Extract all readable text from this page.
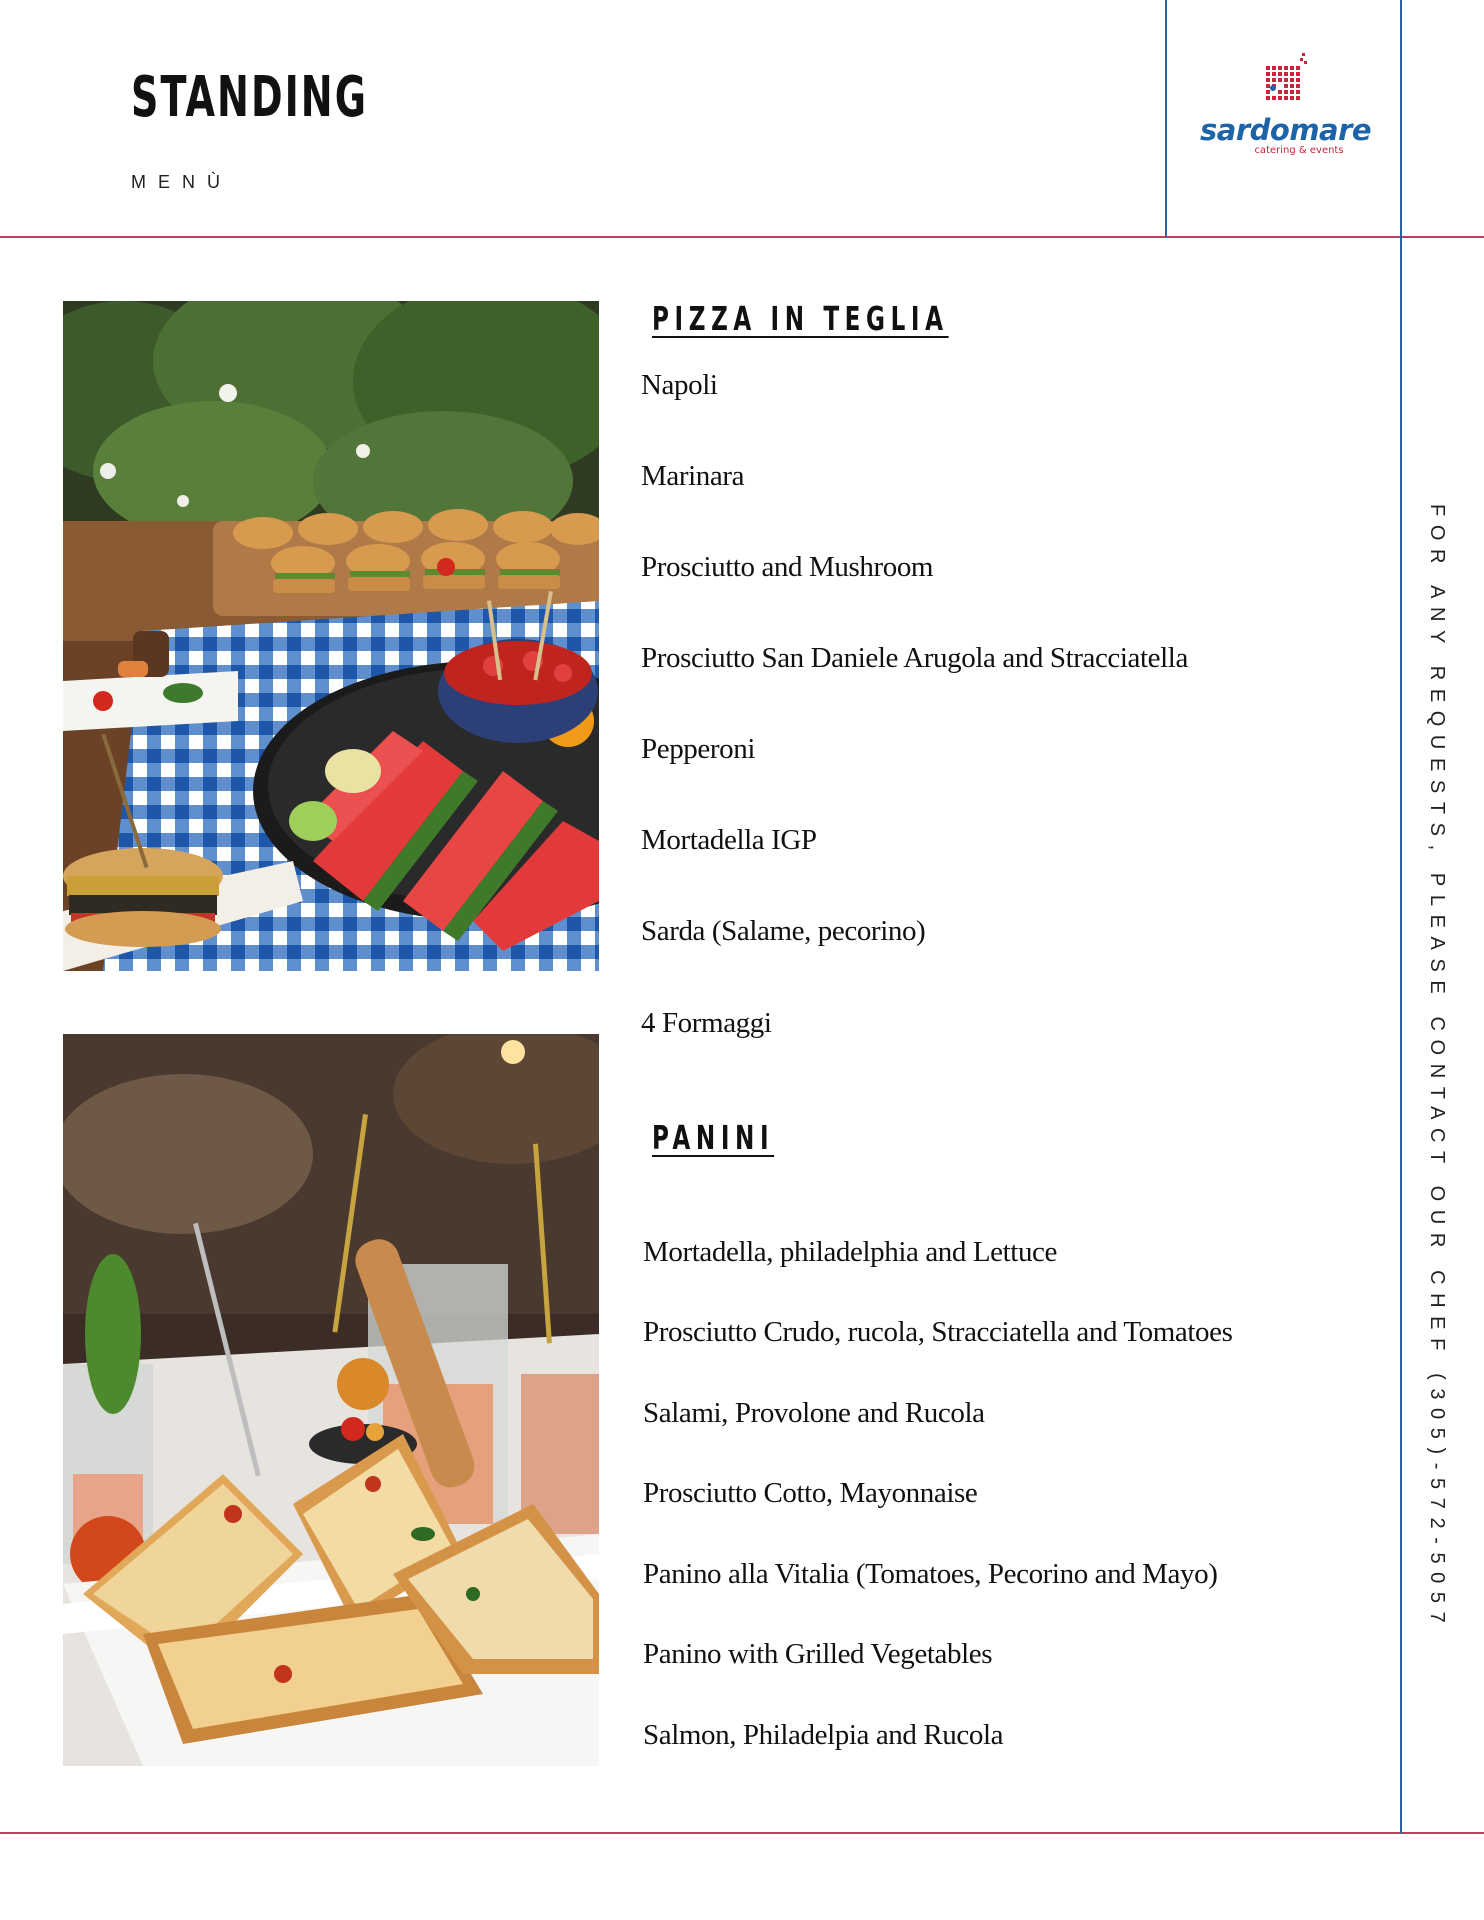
STANDING
MENÙ
sardomare
catering & events
PIZZA IN TEGLIA
Napoli
Marinara
Prosciutto and Mushroom
Prosciutto San Daniele Arugola and Stracciatella
Pepperoni
Mortadella IGP
Sarda (Salame, pecorino)
4 Formaggi
PANINI
Mortadella, philadelphia and Lettuce
Prosciutto Crudo, rucola, Stracciatella and Tomatoes
Salami, Provolone and Rucola
Prosciutto Cotto, Mayonnaise
Panino alla Vitalia (Tomatoes, Pecorino and Mayo)
Panino with Grilled Vegetables
Salmon, Philadelpia and Rucola
FOR ANY REQUESTS, PLEASE CONTACT OUR CHEF (305)-572-5057
